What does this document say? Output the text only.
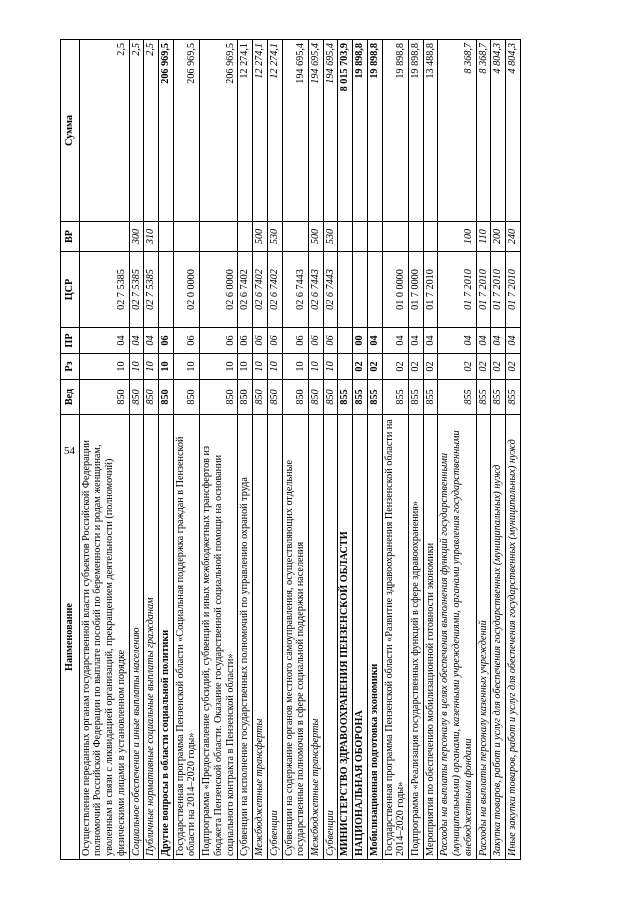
54
Наименование	Вед	Рз	ПР	ЦСР	ВР	Сумма
Осуществление переданных органам государственной власти субъектов Российской Федерации полномочий Российской Федерации по выплате пособий по беременности и родам женщинам, уволенным в связи с ликвидацией организаций, прекращением деятельности (полномочий) физическими лицами в установленном порядке	850	10	04	02 7 5385		2,5
Социальное обеспечение и иные выплаты населению	850	10	04	02 7 5385	300	2,5
Публичные нормативные социальные выплаты гражданам	850	10	04	02 7 5385	310	2,5
Другие вопросы в области социальной политики	850	10	06			206 969,5
Государственная программа Пензенской области «Социальная поддержка граждан в Пензенской области на 2014–2020 годы»	850	10	06	02 0 0000		206 969,5
Подпрограмма «Предоставление субсидий, субвенций и иных межбюджетных трансфертов из бюджета Пензенской области. Оказание государственной социальной помощи на основании социального контракта в Пензенской области»	850	10	06	02 6 0000		206 969,5
Субвенции на исполнение государственных полномочий по управлению охраной труда	850	10	06	02 6 7402		12 274,1
Межбюджетные трансферты	850	10	06	02 6 7402	500	12 274,1
Субвенции	850	10	06	02 6 7402	530	12 274,1
Субвенции на содержание органов местного самоуправления, осуществляющих отдельные государственные полномочия в сфере социальной поддержки населения	850	10	06	02 6 7443		194 695,4
Межбюджетные трансферты	850	10	06	02 6 7443	500	194 695,4
Субвенции	850	10	06	02 6 7443	530	194 695,4
МИНИСТЕРСТВО ЗДРАВООХРАНЕНИЯ ПЕНЗЕНСКОЙ ОБЛАСТИ	855					8 015 703,9
НАЦИОНАЛЬНАЯ ОБОРОНА	855	02	00			19 898,8
Мобилизационная подготовка экономики	855	02	04			19 898,8
Государственная программа Пензенской области «Развитие здравоохранения Пензенской области на 2014–2020 годы»	855	02	04	01 0 0000		19 898,8
Подпрограмма «Реализация государственных функций в сфере здравоохранения»	855	02	04	01 7 0000		19 898,8
Мероприятия по обеспечению мобилизационной готовности экономики	855	02	04	01 7 2010		13 488,8
Расходы на выплаты персоналу в целях обеспечения выполнения функций государственными (муниципальными) органами, казенными учреждениями, органами управления государственными внебюджетными фондами	855	02	04	01 7 2010	100	8 368,7
Расходы на выплаты персоналу казенных учреждений	855	02	04	01 7 2010	110	8 368,7
Закупка товаров, работ и услуг для обеспечения государственных (муниципальных) нужд	855	02	04	01 7 2010	200	4 804,3
Иные закупки товаров, работ и услуг для обеспечения государственных (муниципальных) нужд	855	02	04	01 7 2010	240	4 804,3
